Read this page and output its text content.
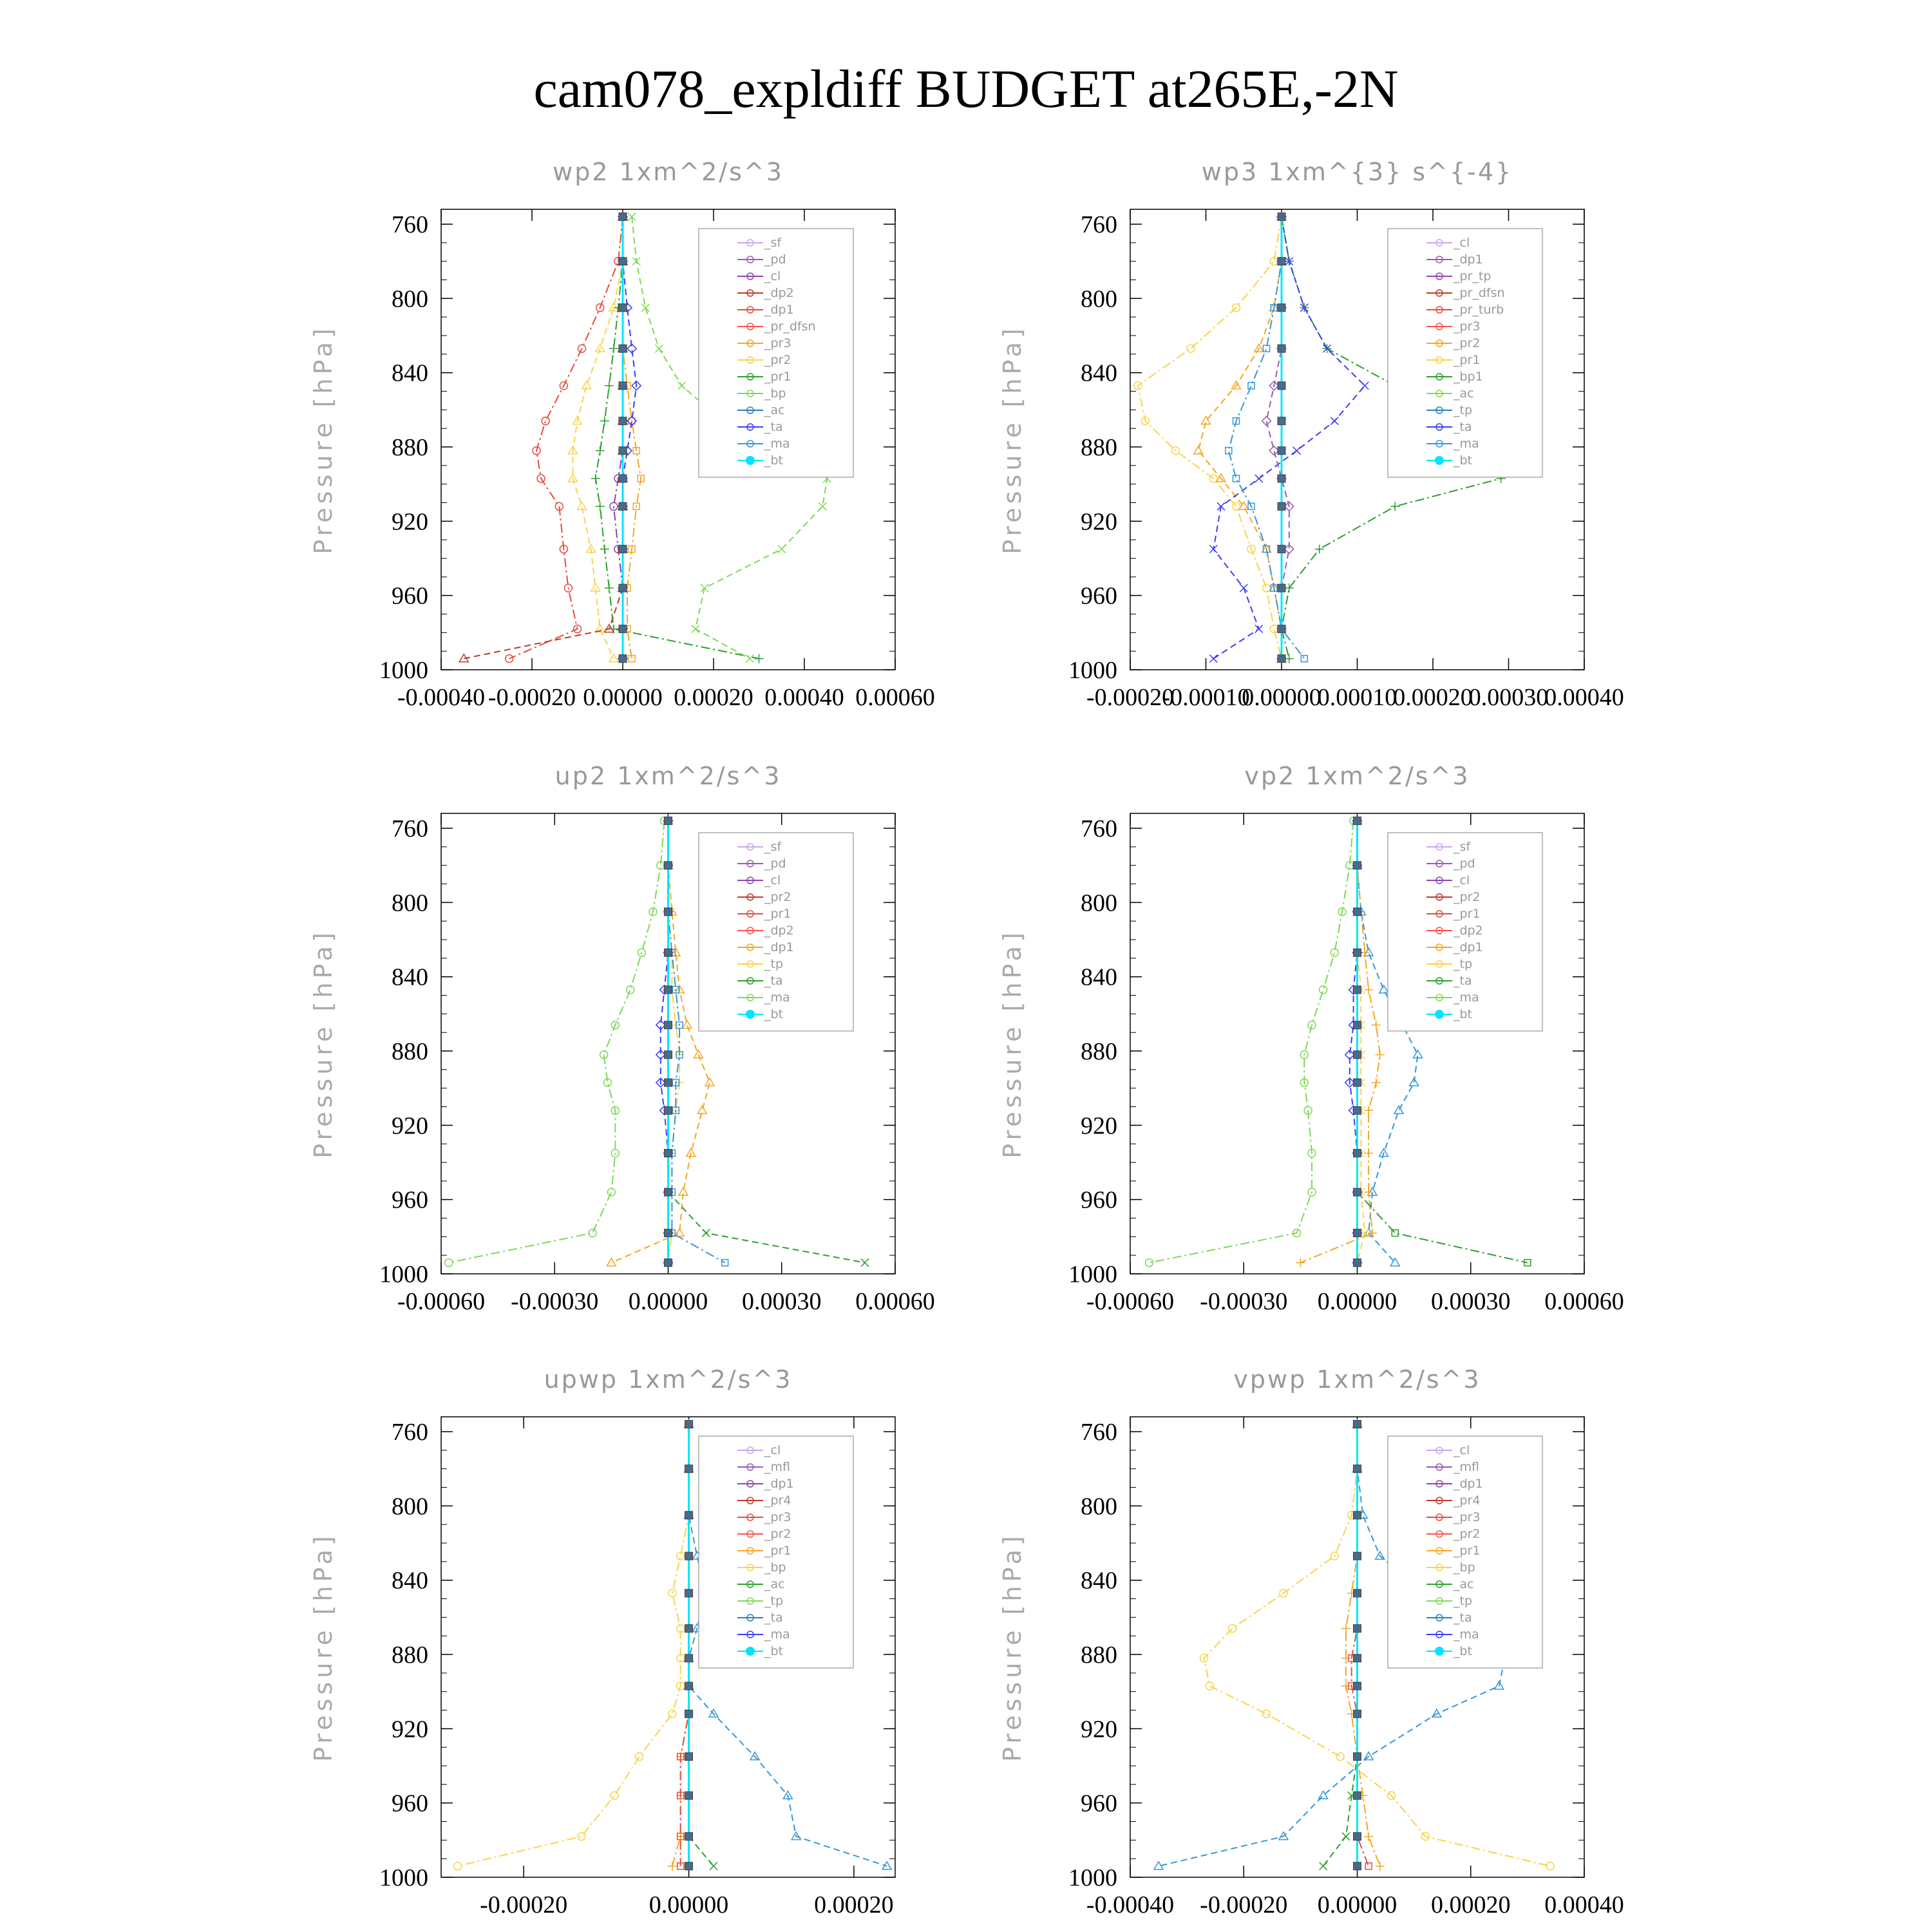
cam078_expldiff BUDGET at265E,-2N
wp2 1xm^2/s^3
Pressure [hPa]
760
800
840
880
920
960
1000
-0.00040 -0.00020 0.00000 0.00020 0.00040 0.00060
_sf
_pd
_cl
_dp2
_dp1
_pr_dfsn
_pr3
_pr2
_pr1
_bp
_ac
_ta
_ma
_bt
wp3 1xm^{3} s^{-4}
Pressure [hPa]
760
800
840
880
920
960
1000
-0.00020
-0.00010
0.00000
0.00010
0.00020
0.00030
0.00040
_cl
_dp1
_pr_tp
_pr_dfsn
_pr_turb
_pr3
_pr2
_pr1
_bp1
_ac
_tp
_ta
_ma
_bt
up2 1xm^2/s^3
Pressure [hPa]
760
800
840
880
920
960
1000
-0.00060 -0.00030 0.00000 0.00030 0.00060
_sf
_pd
_cl
_pr2
_pr1
_dp2
_dp1
_tp
_ta
_ma
_bt
vp2 1xm^2/s^3
Pressure [hPa]
760
800
840
880
920
960
1000
-0.00060 -0.00030 0.00000 0.00030 0.00060
_sf
_pd
_cl
_pr2
_pr1
_dp2
_dp1
_tp
_ta
_ma
_bt
upwp 1xm^2/s^3
Pressure [hPa]
760
800
840
880
920
960
1000
-0.00020	0.00000	0.00020
_cl
_mfl
_dp1
_pr4
_pr3
_pr2
_pr1
_bp
_ac
_tp
_ta
_ma
_bt
vpwp 1xm^2/s^3
Pressure [hPa]
760
800
840
880
920
960
1000
-0.00040 -0.00020 0.00000 0.00020 0.00040
_cl
_mfl
_dp1
_pr4
_pr3
_pr2
_pr1
_bp
_ac
_tp
_ta
_ma
_bt
